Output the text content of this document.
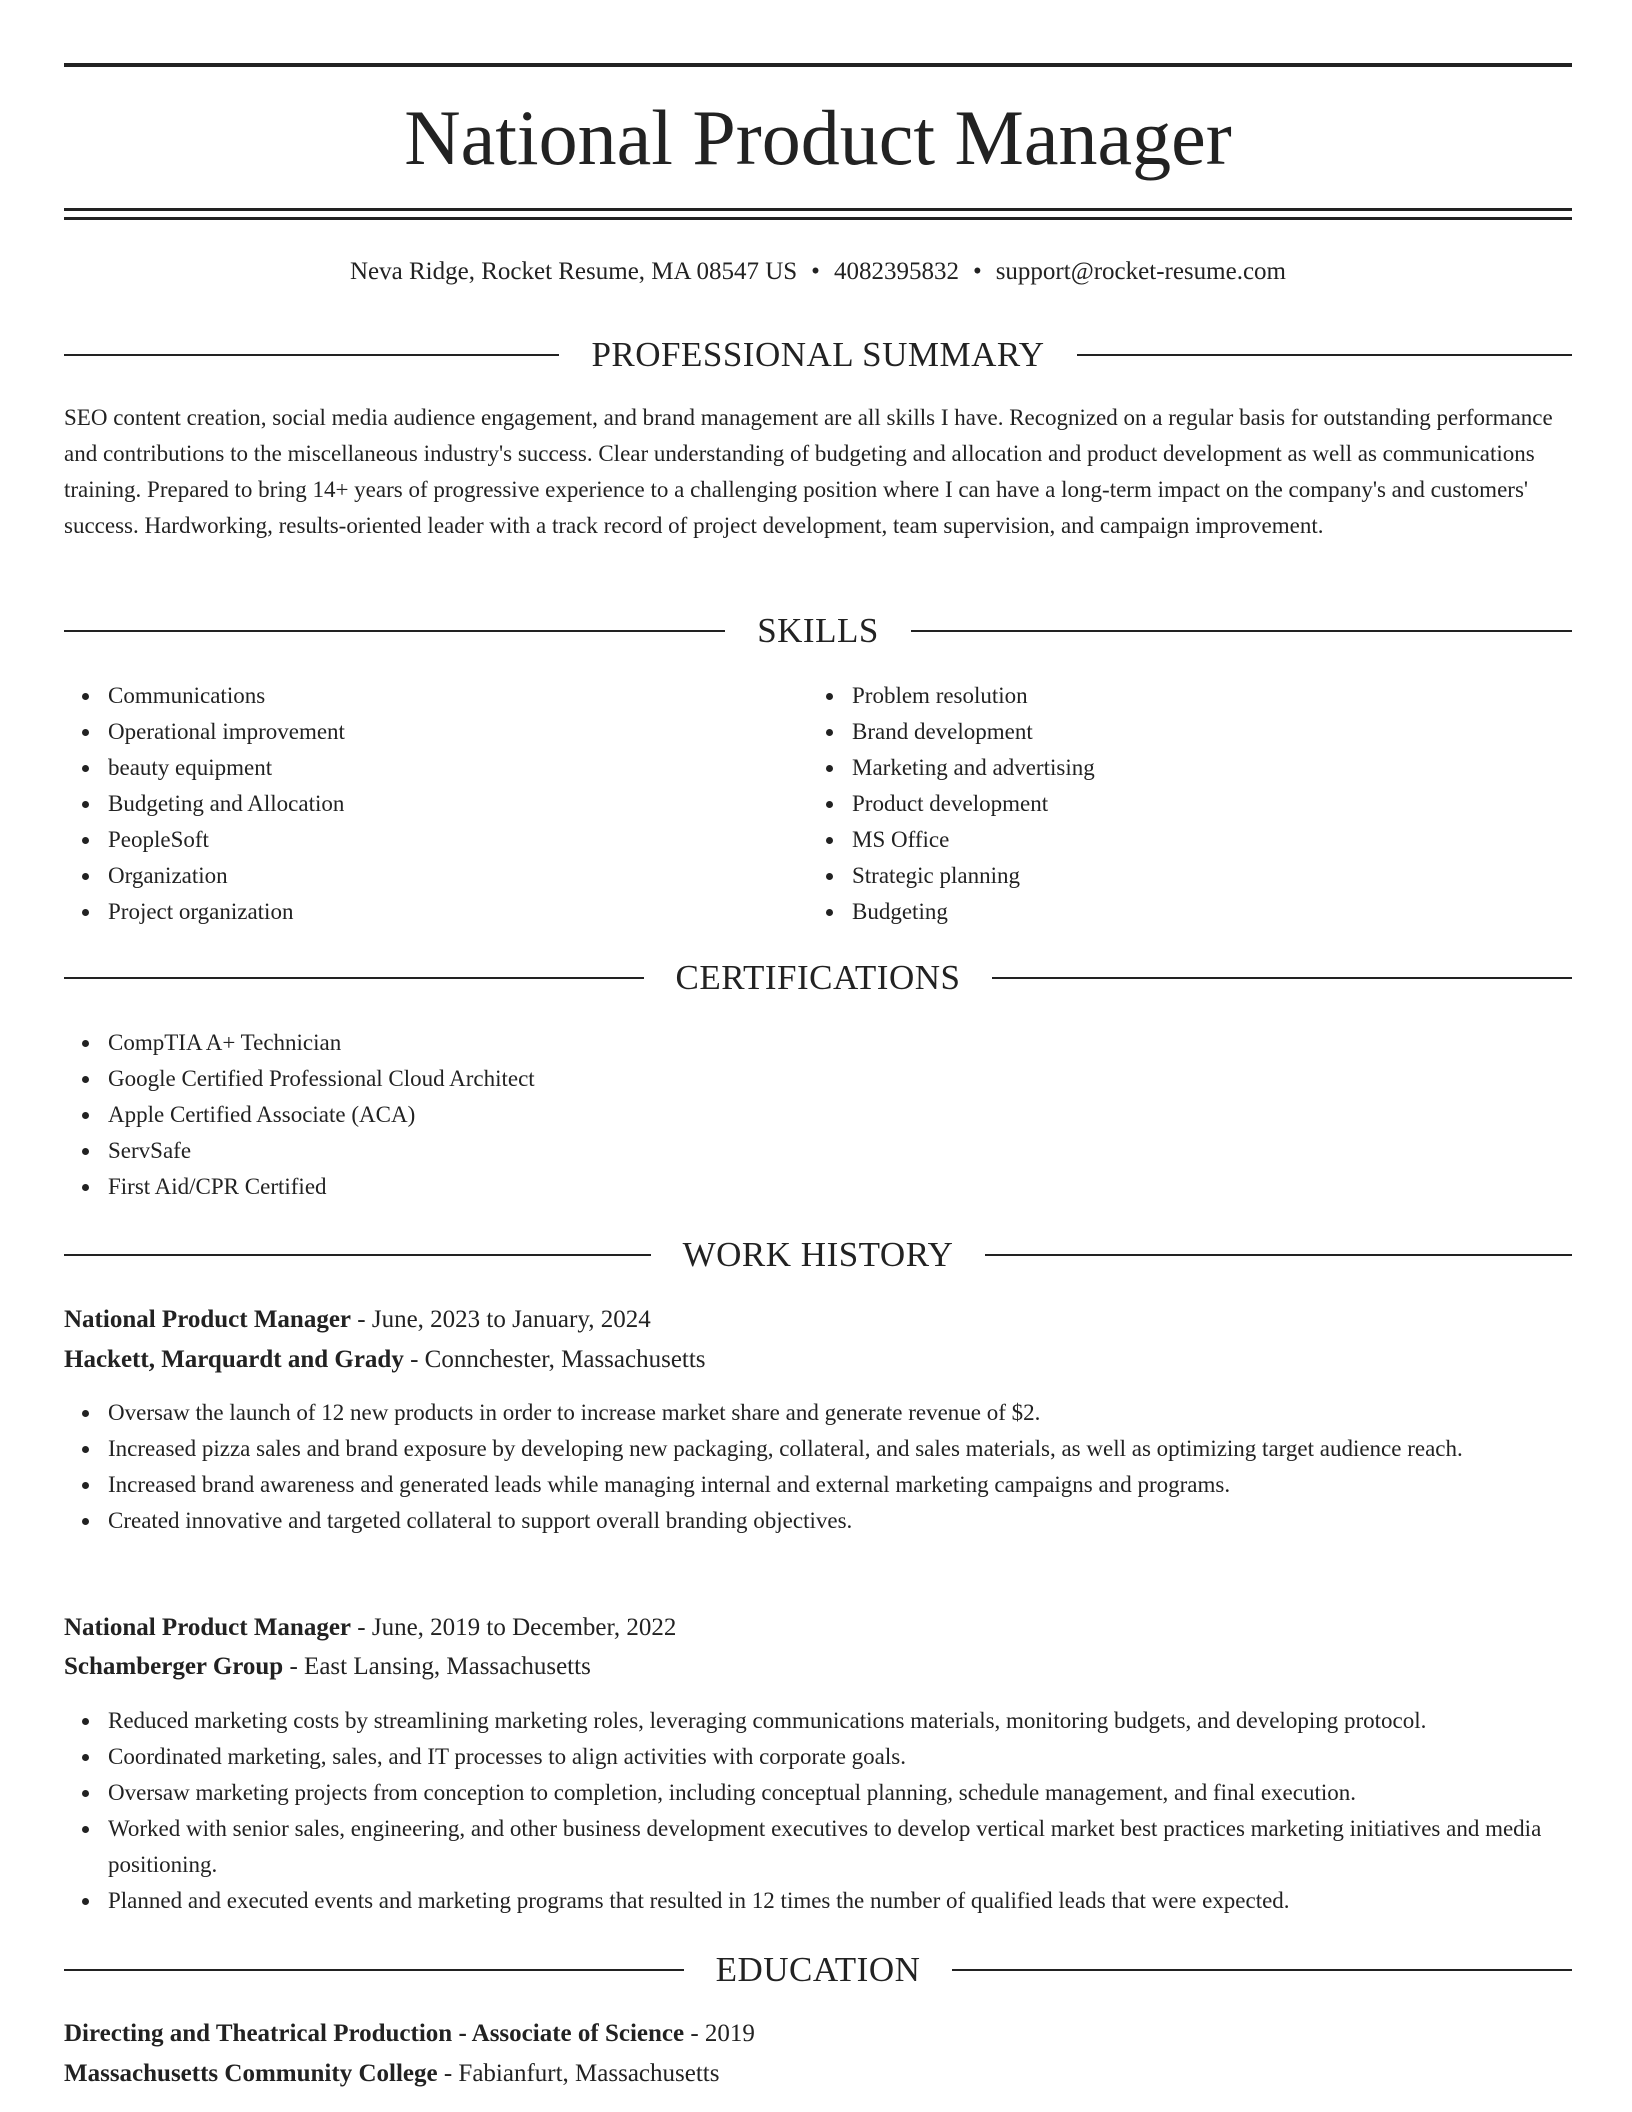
National Product Manager
Neva Ridge, Rocket Resume, MA 08547 US • 4082395832 • support@rocket-resume.com
PROFESSIONAL SUMMARY

SEO content creation, social media audience engagement, and brand management are all skills I have. Recognized on a regular basis for outstanding performance and contributions to the miscellaneous industry's success. Clear understanding of budgeting and allocation and product development as well as communications training. Prepared to bring 14+ years of progressive experience to a challenging position where I can have a long-term impact on the company's and customers' success. Hardworking, results-oriented leader with a track record of project development, team supervision, and campaign improvement.

SKILLS
Communications
Operational improvement
beauty equipment
Budgeting and Allocation
PeopleSoft
Organization
Project organization
Problem resolution
Brand development
Marketing and advertising
Product development
MS Office
Strategic planning
Budgeting
CERTIFICATIONS
CompTIA A+ Technician
Google Certified Professional Cloud Architect
Apple Certified Associate (ACA)
ServSafe
First Aid/CPR Certified
WORK HISTORY
National Product Manager - June, 2023 to January, 2024
Hackett, Marquardt and Grady - Connchester, Massachusetts
Oversaw the launch of 12 new products in order to increase market share and generate revenue of $2.
Increased pizza sales and brand exposure by developing new packaging, collateral, and sales materials, as well as optimizing target audience reach.
Increased brand awareness and generated leads while managing internal and external marketing campaigns and programs.
Created innovative and targeted collateral to support overall branding objectives.
National Product Manager - June, 2019 to December, 2022
Schamberger Group - East Lansing, Massachusetts
Reduced marketing costs by streamlining marketing roles, leveraging communications materials, monitoring budgets, and developing protocol.
Coordinated marketing, sales, and IT processes to align activities with corporate goals.
Oversaw marketing projects from conception to completion, including conceptual planning, schedule management, and final execution.
Worked with senior sales, engineering, and other business development executives to develop vertical market best practices marketing initiatives and media positioning.
Planned and executed events and marketing programs that resulted in 12 times the number of qualified leads that were expected.
EDUCATION
Directing and Theatrical Production - Associate of Science - 2019
Massachusetts Community College - Fabianfurt, Massachusetts
